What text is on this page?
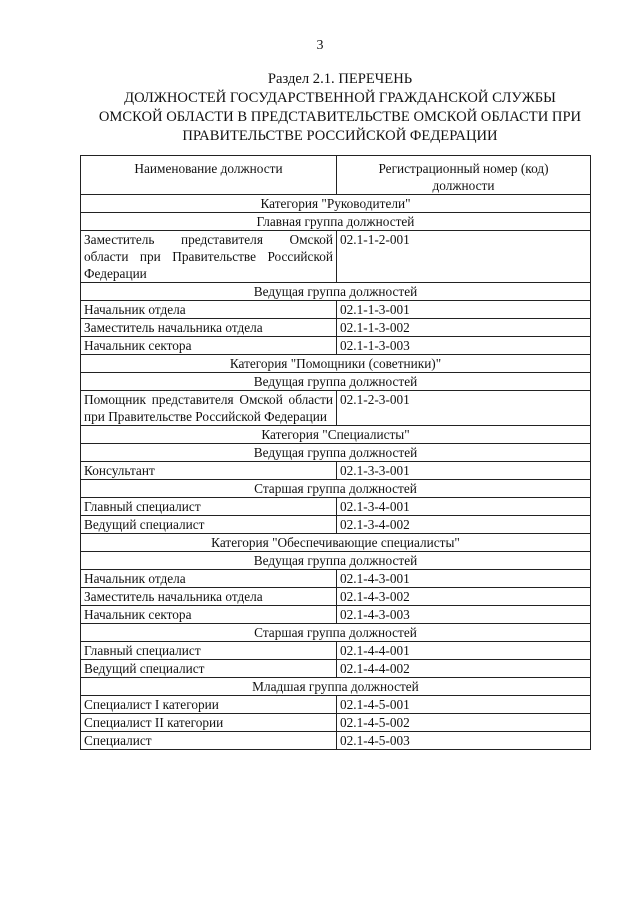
3
Раздел 2.1. ПЕРЕЧЕНЬ
ДОЛЖНОСТЕЙ ГОСУДАРСТВЕННОЙ ГРАЖДАНСКОЙ СЛУЖБЫ
ОМСКОЙ ОБЛАСТИ В ПРЕДСТАВИТЕЛЬСТВЕ ОМСКОЙ ОБЛАСТИ ПРИ
ПРАВИТЕЛЬСТВЕ РОССИЙСКОЙ ФЕДЕРАЦИИ
Наименование должности	Регистрационный номер (код) должности
Категория "Руководители"	
Главная группа должностей	
Заместитель представителя Омской области при Правительстве Российской Федерации	02.1-1-2-001
Ведущая группа должностей	
Начальник отдела	02.1-1-3-001
Заместитель начальника отдела	02.1-1-3-002
Начальник сектора	02.1-1-3-003
Категория "Помощники (советники)"	
Ведущая группа должностей	
Помощник представителя Омской области при Правительстве Российской Федерации	02.1-2-3-001
Категория "Специалисты"	
Ведущая группа должностей	
Консультант	02.1-3-3-001
Старшая группа должностей	
Главный специалист	02.1-3-4-001
Ведущий специалист	02.1-3-4-002
Категория "Обеспечивающие специалисты"	
Ведущая группа должностей	
Начальник отдела	02.1-4-3-001
Заместитель начальника отдела	02.1-4-3-002
Начальник сектора	02.1-4-3-003
Старшая группа должностей	
Главный специалист	02.1-4-4-001
Ведущий специалист	02.1-4-4-002
Младшая группа должностей	
Специалист I категории	02.1-4-5-001
Специалист II категории	02.1-4-5-002
Специалист	02.1-4-5-003
